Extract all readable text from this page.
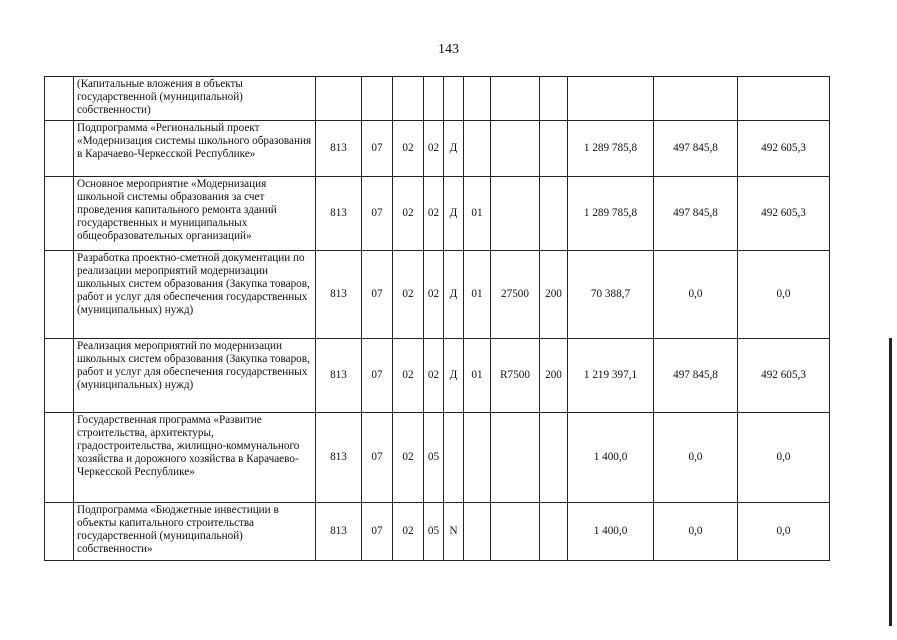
143
	(Капитальные вложения в объекты государственной (муниципальной) собственности)											
	Подпрограмма «Региональный проект «Модернизация системы школьного образования в Карачаево-Черкесской Республике»	813	07	02	02	Д				1 289 785,8	497 845,8	492 605,3
	Основное мероприятие «Модернизация школьной системы образования за счет проведения капитального ремонта зданий государственных и муниципальных общеобразовательных организаций»	813	07	02	02	Д	01			1 289 785,8	497 845,8	492 605,3
	Разработка проектно-сметной документации по реализации мероприятий модернизации школьных систем образования (Закупка товаров, работ и услуг для обеспечения государственных (муниципальных) нужд)	813	07	02	02	Д	01	27500	200	70 388,7	0,0	0,0
	Реализация мероприятий по модернизации школьных систем образования (Закупка товаров, работ и услуг для обеспечения государственных (муниципальных) нужд)	813	07	02	02	Д	01	R7500	200	1 219 397,1	497 845,8	492 605,3
	Государственная программа «Развитие строительства, архитектуры, градостроительства, жилищно-коммунального хозяйства и дорожного хозяйства в Карачаево-Черкесской Республике»	813	07	02	05					1 400,0	0,0	0,0
	Подпрограмма «Бюджетные инвестиции в объекты капитального строительства государственной (муниципальной) собственности»	813	07	02	05	N				1 400,0	0,0	0,0
